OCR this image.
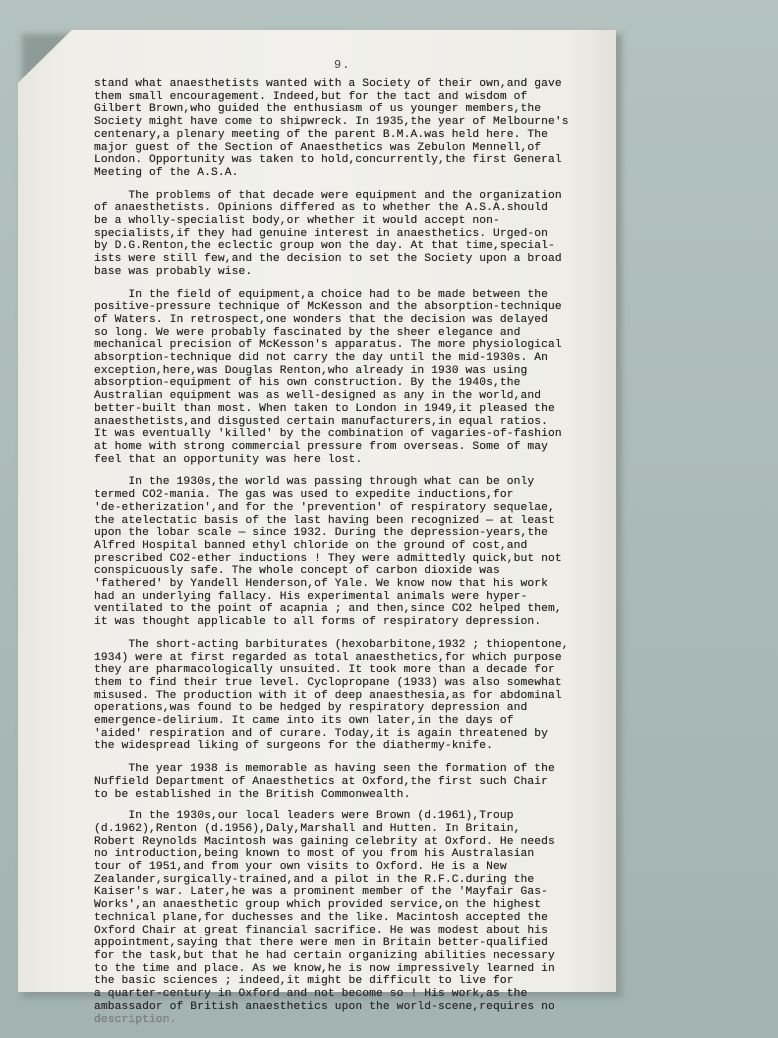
9.
stand what anaesthetists wanted with a Society of their own,and gave
them small encouragement. Indeed,but for the tact and wisdom of
Gilbert Brown,who guided the enthusiasm of us younger members,the
Society might have come to shipwreck. In 1935,the year of Melbourne's
centenary,a plenary meeting of the parent B.M.A.was held here. The
major guest of the Section of Anaesthetics was Zebulon Mennell,of
London. Opportunity was taken to hold,concurrently,the first General
Meeting of the A.S.A.
The problems of that decade were equipment and the organization
of anaesthetists. Opinions differed as to whether the A.S.A.should
be a wholly-specialist body,or whether it would accept non-
specialists,if they had genuine interest in anaesthetics. Urged-on
by D.G.Renton,the eclectic group won the day. At that time,special-
ists were still few,and the decision to set the Society upon a broad
base was probably wise.
In the field of equipment,a choice had to be made between the
positive-pressure technique of McKesson and the absorption-technique
of Waters. In retrospect,one wonders that the decision was delayed
so long. We were probably fascinated by the sheer elegance and
mechanical precision of McKesson's apparatus. The more physiological
absorption-technique did not carry the day until the mid-1930s. An
exception,here,was Douglas Renton,who already in 1930 was using
absorption-equipment of his own construction. By the 1940s,the
Australian equipment was as well-designed as any in the world,and
better-built than most. When taken to London in 1949,it pleased the
anaesthetists,and disgusted certain manufacturers,in equal ratios.
It was eventually 'killed' by the combination of vagaries-of-fashion
at home with strong commercial pressure from overseas. Some of may
feel that an opportunity was here lost.
In the 1930s,the world was passing through what can be only
termed CO2-mania. The gas was used to expedite inductions,for
'de-etherization',and for the 'prevention' of respiratory sequelae,
the atelectatic basis of the last having been recognized — at least
upon the lobar scale — since 1932. During the depression-years,the
Alfred Hospital banned ethyl chloride on the ground of cost,and
prescribed CO2-ether inductions ! They were admittedly quick,but not
conspicuously safe. The whole concept of carbon dioxide was
'fathered' by Yandell Henderson,of Yale. We know now that his work
had an underlying fallacy. His experimental animals were hyper-
ventilated to the point of acapnia ; and then,since CO2 helped them,
it was thought applicable to all forms of respiratory depression.
The short-acting barbiturates (hexobarbitone,1932 ; thiopentone,
1934) were at first regarded as total anaesthetics,for which purpose
they are pharmacologically unsuited. It took more than a decade for
them to find their true level. Cyclopropane (1933) was also somewhat
misused. The production with it of deep anaesthesia,as for abdominal
operations,was found to be hedged by respiratory depression and
emergence-delirium. It came into its own later,in the days of
'aided' respiration and of curare. Today,it is again threatened by
the widespread liking of surgeons for the diathermy-knife.
The year 1938 is memorable as having seen the formation of the
Nuffield Department of Anaesthetics at Oxford,the first such Chair
to be established in the British Commonwealth.
In the 1930s,our local leaders were Brown (d.1961),Troup
(d.1962),Renton (d.1956),Daly,Marshall and Hutten. In Britain,
Robert Reynolds Macintosh was gaining celebrity at Oxford. He needs
no introduction,being known to most of you from his Australasian
tour of 1951,and from your own visits to Oxford. He is a New
Zealander,surgically-trained,and a pilot in the R.F.C.during the
Kaiser's war. Later,he was a prominent member of the 'Mayfair Gas-
Works',an anaesthetic group which provided service,on the highest
technical plane,for duchesses and the like. Macintosh accepted the
Oxford Chair at great financial sacrifice. He was modest about his
appointment,saying that there were men in Britain better-qualified
for the task,but that he had certain organizing abilities necessary
to the time and place. As we know,he is now impressively learned in
the basic sciences ; indeed,it might be difficult to live for
a quarter-century in Oxford and not become so ! His work,as the
ambassador of British anaesthetics upon the world-scene,requires no
description.
